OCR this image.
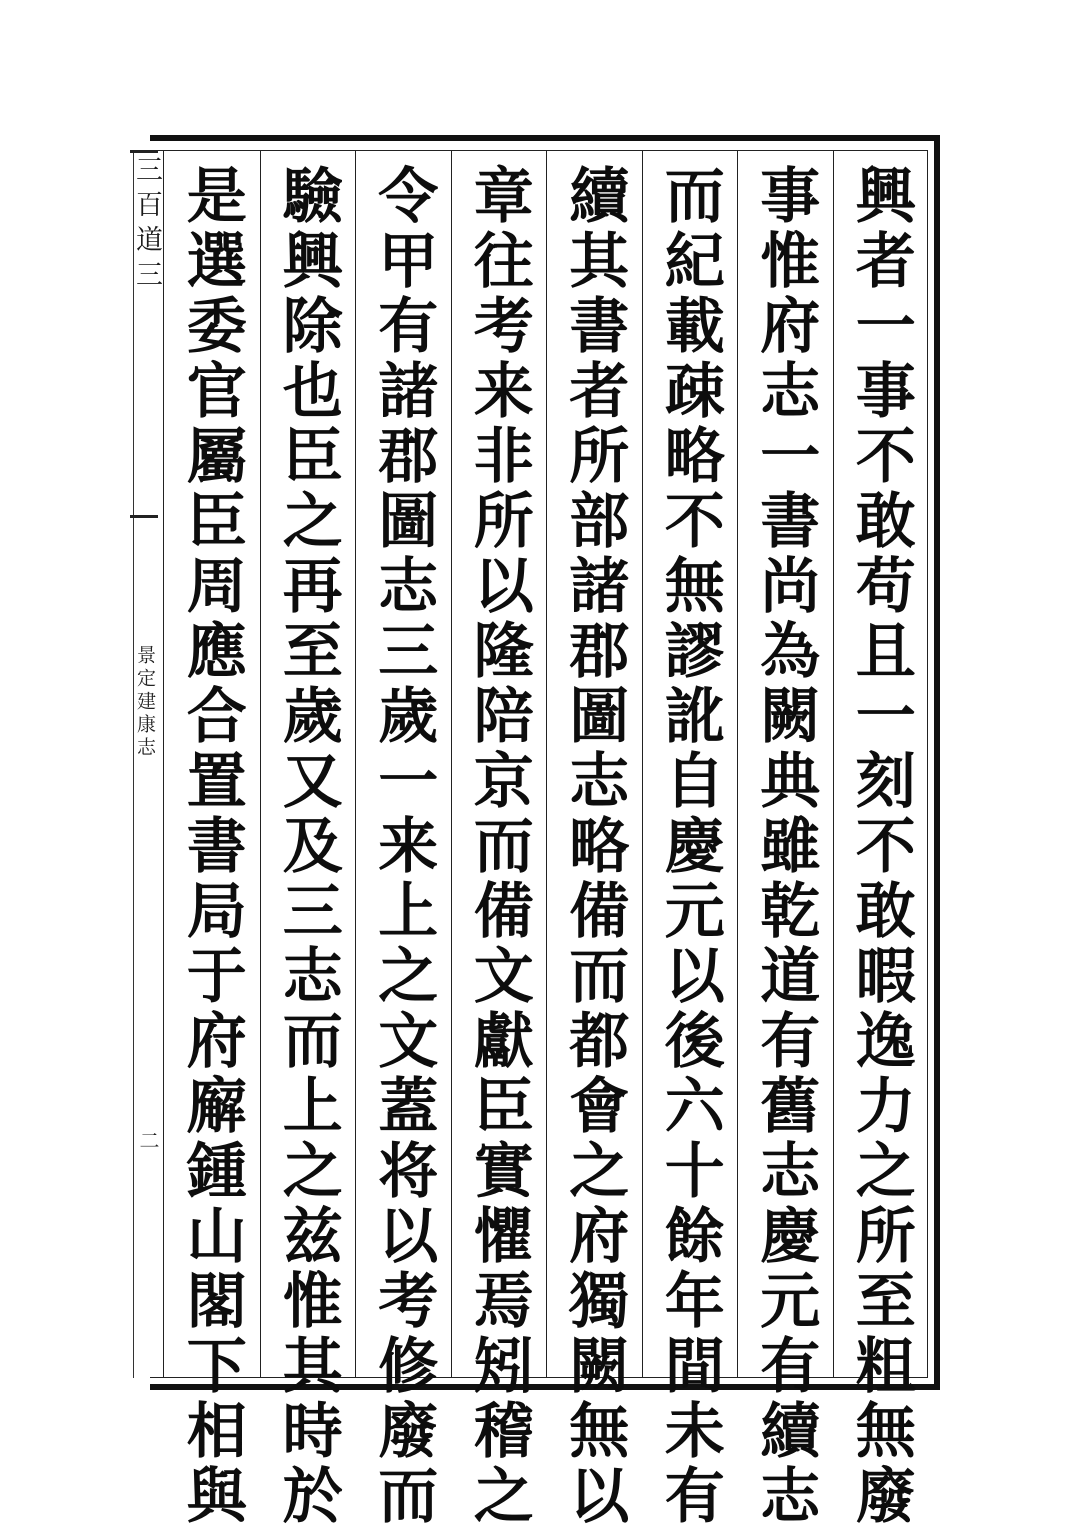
三百道三
景定建康志
二	興者一事不敢苟且一刻不敢暇逸力之所至粗無廢
事惟府志一書尚為闕典雖乾道有舊志慶元有續志
而紀載疎略不無謬訛自慶元以後六十餘年間未有
續其書者所部諸郡圖志略備而都會之府獨闕無以
章往考来非所以隆陪京而備文獻臣實懼焉矧稽之
令甲有諸郡圖志三歲一来上之文蓋将以考修廢而
驗興除也臣之再至歲又及三志而上之兹惟其時於
是選委官屬臣周應合置書局于府廨鍾山閣下相與
